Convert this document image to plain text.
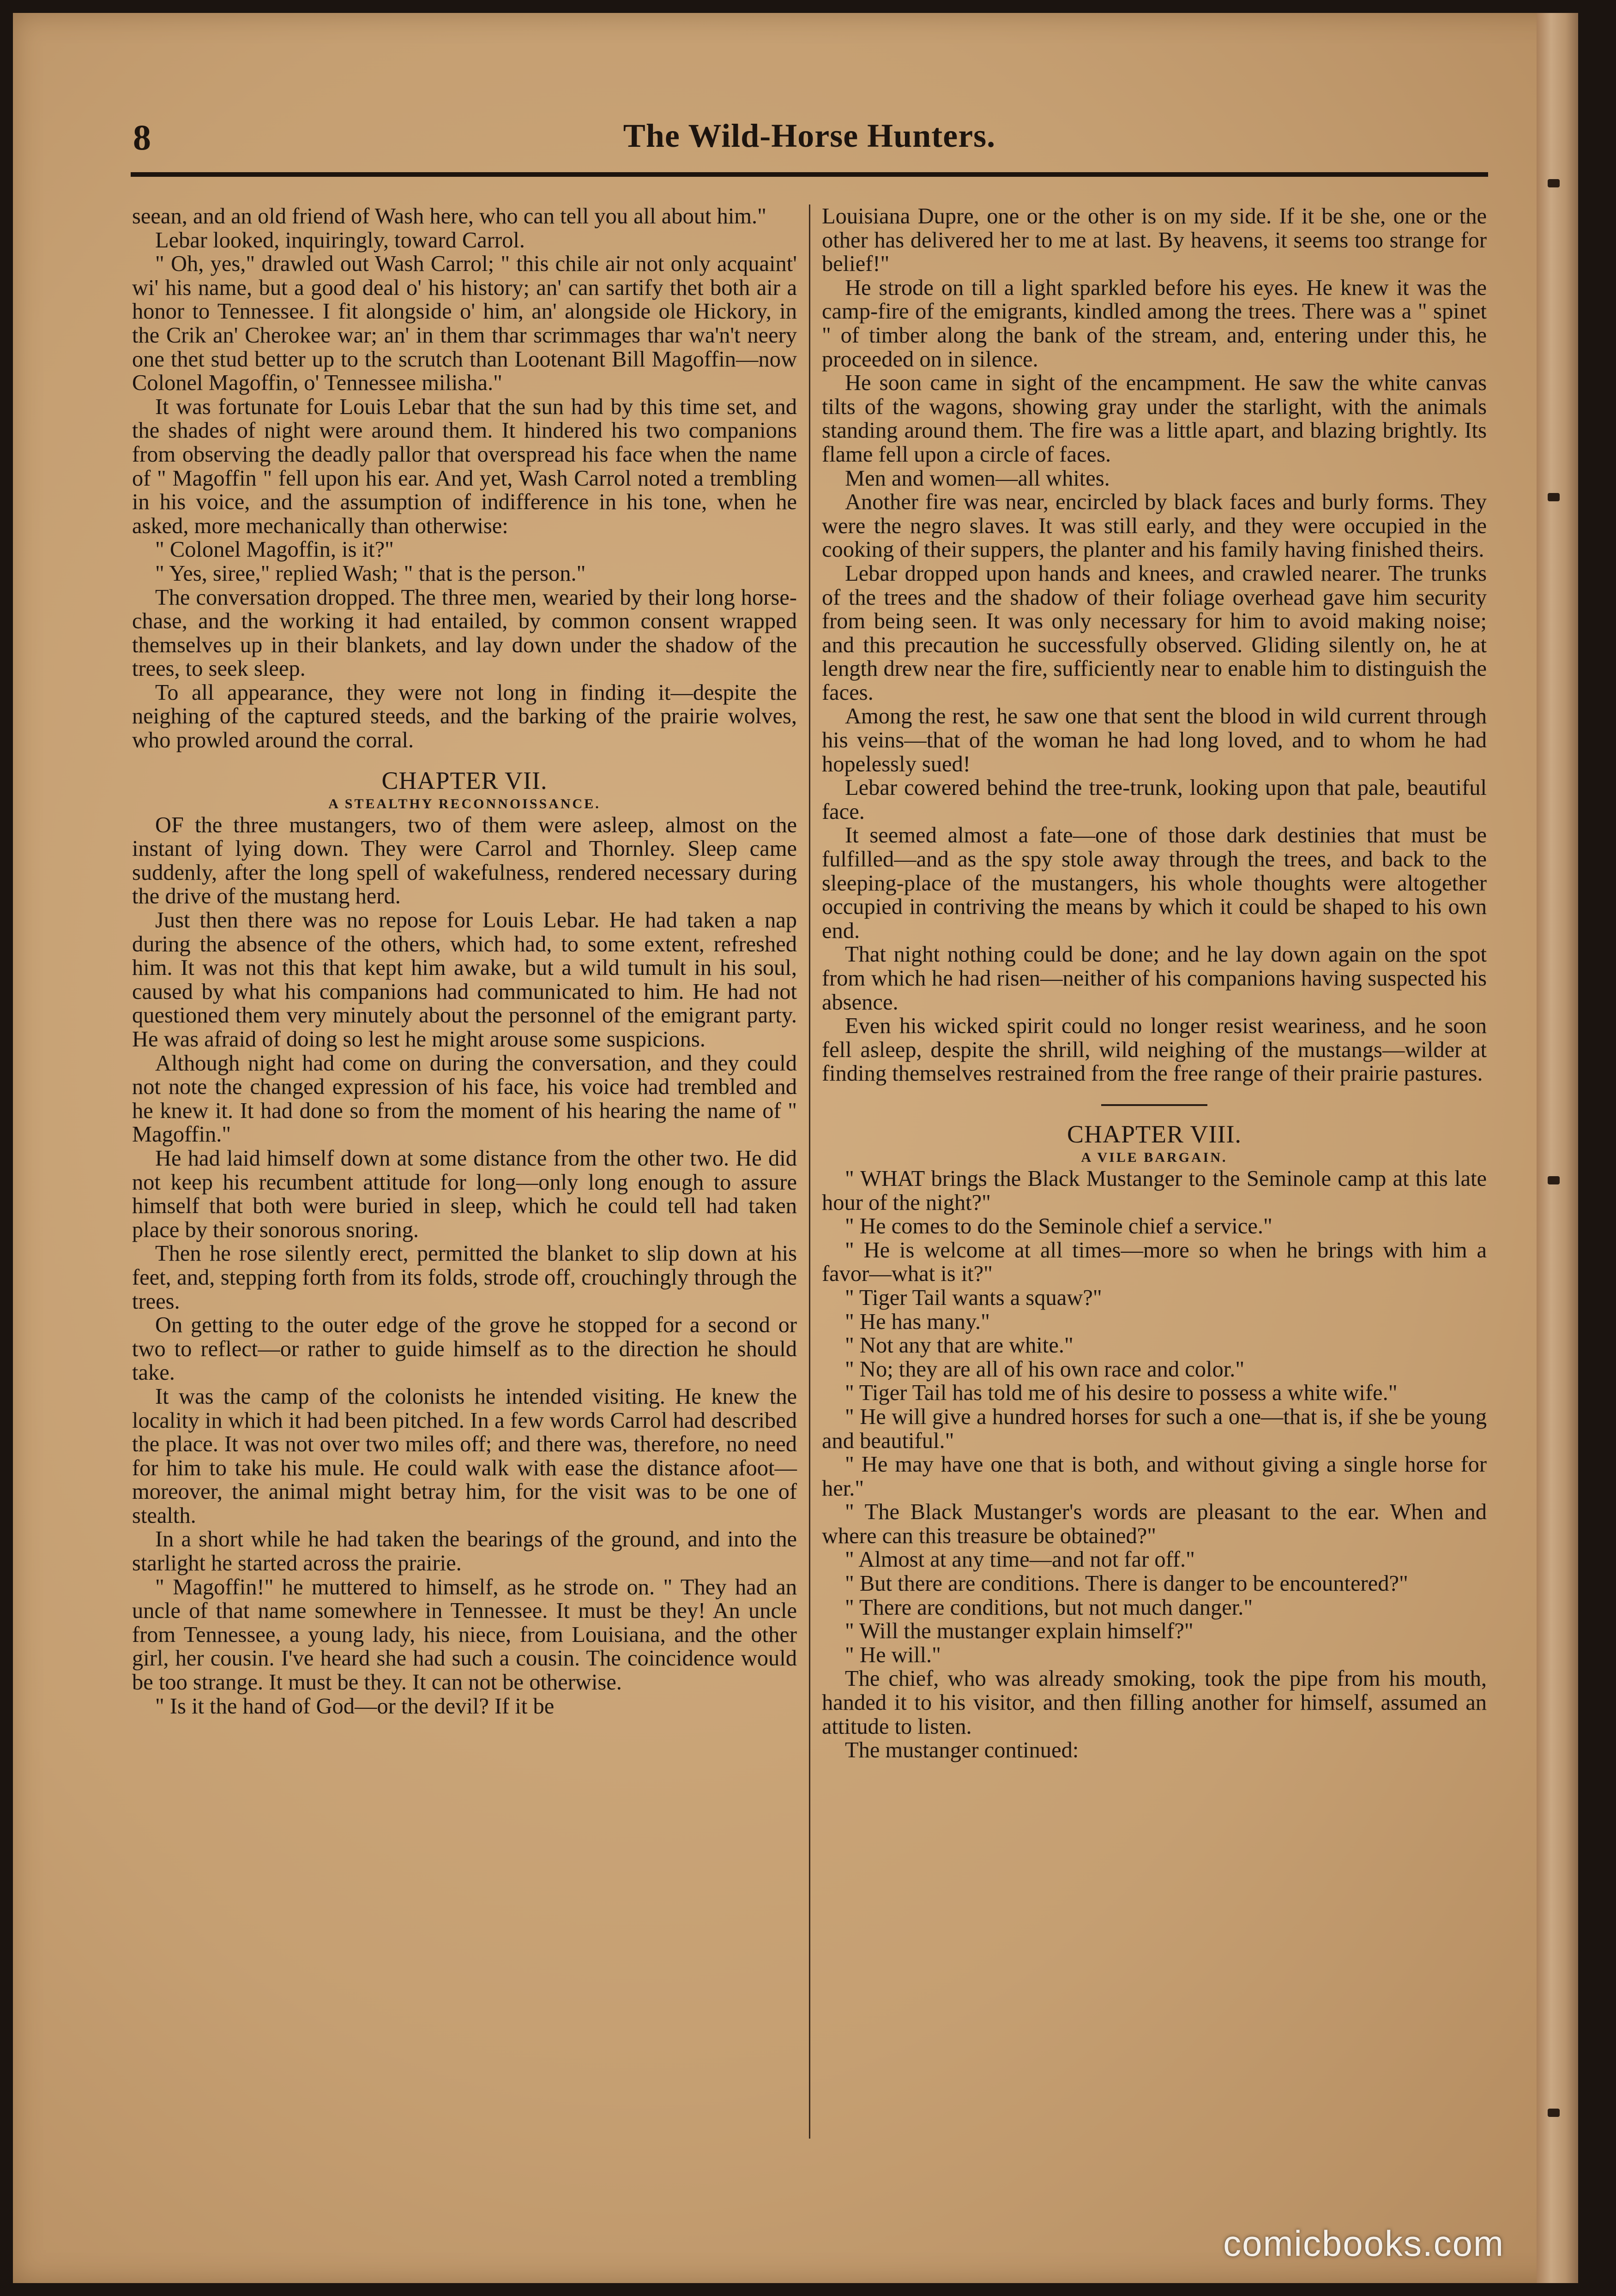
8	The Wild-Horse Hunters.

seean, and an old friend of Wash here, who can tell you all about him."

Lebar looked, inquiringly, toward Carrol.

" Oh, yes," drawled out Wash Carrol; " this chile air not only acquaint' wi' his name, but a good deal o' his history; an' can sartify thet both air a honor to Tennessee. I fit alongside o' him, an' alongside ole Hickory, in the Crik an' Cherokee war; an' in them thar scrimmages thar wa'n't neery one thet stud better up to the scrutch than Lootenant Bill Magoffin—now Colonel Magoffin, o' Tennessee milisha."

It was fortunate for Louis Lebar that the sun had by this time set, and the shades of night were around them. It hindered his two companions from observing the deadly pallor that overspread his face when the name of " Magoffin " fell upon his ear. And yet, Wash Carrol noted a trembling in his voice, and the assumption of indifference in his tone, when he asked, more mechanically than otherwise:

" Colonel Magoffin, is it?"

" Yes, siree," replied Wash; " that is the person."

The conversation dropped. The three men, wearied by their long horse-chase, and the working it had entailed, by common consent wrapped themselves up in their blankets, and lay down under the shadow of the trees, to seek sleep.

To all appearance, they were not long in finding it—despite the neighing of the captured steeds, and the barking of the prairie wolves, who prowled around the corral.

CHAPTER VII.
A STEALTHY RECONNOISSANCE.

OF the three mustangers, two of them were asleep, almost on the instant of lying down. They were Carrol and Thornley. Sleep came suddenly, after the long spell of wakefulness, rendered necessary during the drive of the mustang herd.

Just then there was no repose for Louis Lebar. He had taken a nap during the absence of the others, which had, to some extent, refreshed him. It was not this that kept him awake, but a wild tumult in his soul, caused by what his companions had communicated to him. He had not questioned them very minutely about the personnel of the emigrant party. He was afraid of doing so lest he might arouse some suspicions.

Although night had come on during the conversation, and they could not note the changed expression of his face, his voice had trembled and he knew it. It had done so from the moment of his hearing the name of " Magoffin."

He had laid himself down at some distance from the other two. He did not keep his recumbent attitude for long—only long enough to assure himself that both were buried in sleep, which he could tell had taken place by their sonorous snoring.

Then he rose silently erect, permitted the blanket to slip down at his feet, and, stepping forth from its folds, strode off, crouchingly through the trees.

On getting to the outer edge of the grove he stopped for a second or two to reflect—or rather to guide himself as to the direction he should take.

It was the camp of the colonists he intended visiting. He knew the locality in which it had been pitched. In a few words Carrol had described the place. It was not over two miles off; and there was, therefore, no need for him to take his mule. He could walk with ease the distance afoot—moreover, the animal might betray him, for the visit was to be one of stealth.

In a short while he had taken the bearings of the ground, and into the starlight he started across the prairie.

" Magoffin!" he muttered to himself, as he strode on. " They had an uncle of that name somewhere in Tennessee. It must be they! An uncle from Tennessee, a young lady, his niece, from Louisiana, and the other girl, her cousin. I've heard she had such a cousin. The coincidence would be too strange. It must be they. It can not be otherwise.

" Is it the hand of God—or the devil? If it be

Louisiana Dupre, one or the other is on my side. If it be she, one or the other has delivered her to me at last. By heavens, it seems too strange for belief!"

He strode on till a light sparkled before his eyes. He knew it was the camp-fire of the emigrants, kindled among the trees. There was a " spinet " of timber along the bank of the stream, and, entering under this, he proceeded on in silence.

He soon came in sight of the encampment. He saw the white canvas tilts of the wagons, showing gray under the starlight, with the animals standing around them. The fire was a little apart, and blazing brightly. Its flame fell upon a circle of faces.

Men and women—all whites.

Another fire was near, encircled by black faces and burly forms. They were the negro slaves. It was still early, and they were occupied in the cooking of their suppers, the planter and his family having finished theirs.

Lebar dropped upon hands and knees, and crawled nearer. The trunks of the trees and the shadow of their foliage overhead gave him security from being seen. It was only necessary for him to avoid making noise; and this precaution he successfully observed. Gliding silently on, he at length drew near the fire, sufficiently near to enable him to distinguish the faces.

Among the rest, he saw one that sent the blood in wild current through his veins—that of the woman he had long loved, and to whom he had hopelessly sued!

Lebar cowered behind the tree-trunk, looking upon that pale, beautiful face.

It seemed almost a fate—one of those dark destinies that must be fulfilled—and as the spy stole away through the trees, and back to the sleeping-place of the mustangers, his whole thoughts were altogether occupied in contriving the means by which it could be shaped to his own end.

That night nothing could be done; and he lay down again on the spot from which he had risen—neither of his companions having suspected his absence.

Even his wicked spirit could no longer resist weariness, and he soon fell asleep, despite the shrill, wild neighing of the mustangs—wilder at finding themselves restrained from the free range of their prairie pastures.

CHAPTER VIII.
A VILE BARGAIN.

" WHAT brings the Black Mustanger to the Seminole camp at this late hour of the night?"

" He comes to do the Seminole chief a service."

" He is welcome at all times—more so when he brings with him a favor—what is it?"

" Tiger Tail wants a squaw?"

" He has many."

" Not any that are white."

" No; they are all of his own race and color."

" Tiger Tail has told me of his desire to possess a white wife."

" He will give a hundred horses for such a one—that is, if she be young and beautiful."

" He may have one that is both, and without giving a single horse for her."

" The Black Mustanger's words are pleasant to the ear. When and where can this treasure be obtained?"

" Almost at any time—and not far off."

" But there are conditions. There is danger to be encountered?"

" There are conditions, but not much danger."

" Will the mustanger explain himself?"

" He will."

The chief, who was already smoking, took the pipe from his mouth, handed it to his visitor, and then filling another for himself, assumed an attitude to listen.

The mustanger continued:

comicbooks.com
